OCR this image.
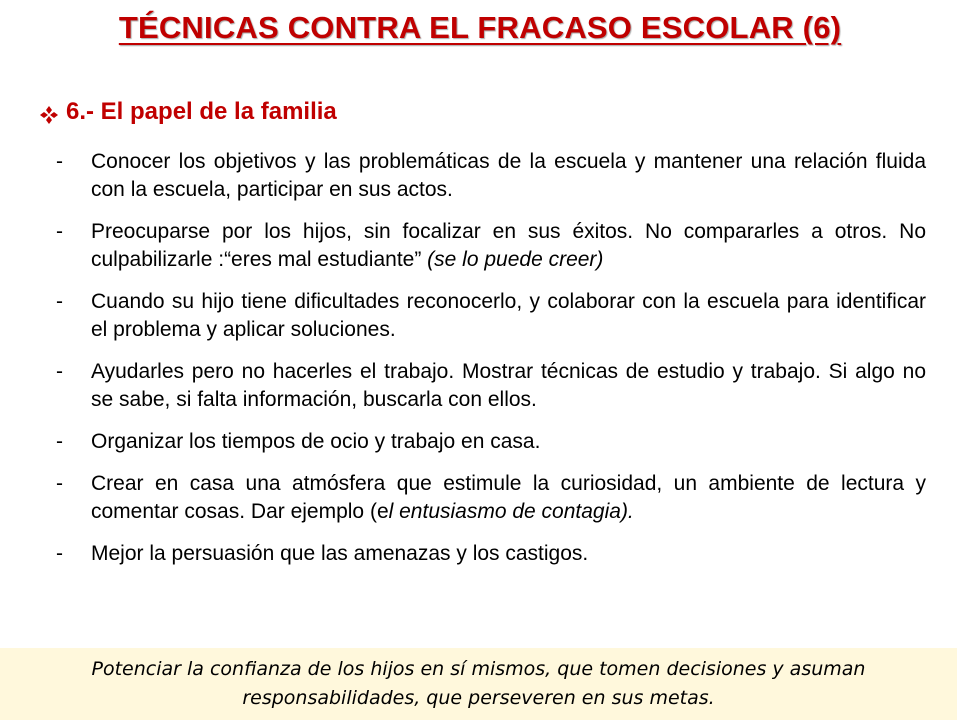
TÉCNICAS CONTRA EL FRACASO ESCOLAR (6)
6.- El papel de la familia
-	Conocer los objetivos y las problemáticas de la escuela y mantener una relación fluida con la escuela, participar en sus actos.
-	Preocuparse por los hijos, sin focalizar en sus éxitos. No compararles a otros. No culpabilizarle :“eres mal estudiante” (se lo puede creer)
-	Cuando su hijo tiene dificultades reconocerlo, y colaborar con la escuela para identificar el problema y aplicar soluciones.
-	Ayudarles pero no hacerles el trabajo. Mostrar técnicas de estudio y trabajo. Si algo no se sabe, si falta información, buscarla con ellos.
-	Organizar los tiempos de ocio y trabajo en casa.
-	Crear en casa una atmósfera que estimule la curiosidad, un ambiente de lectura y comentar cosas. Dar ejemplo (el entusiasmo de contagia).
-	Mejor la persuasión que las amenazas y los castigos.
Potenciar la confianza de los hijos en sí mismos, que tomen decisiones y asuman responsabilidades, que perseveren en sus metas.
